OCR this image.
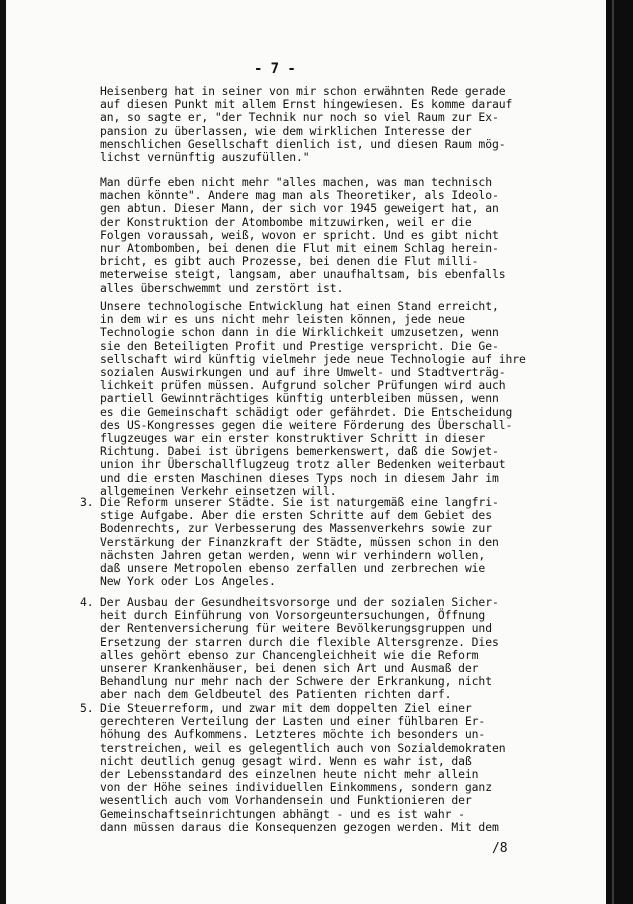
- 7 -

Heisenberg hat in seiner von mir schon erwähnten Rede gerade
auf diesen Punkt mit allem Ernst hingewiesen. Es komme darauf
an, so sagte er, "der Technik nur noch so viel Raum zur Ex-
pansion zu überlassen, wie dem wirklichen Interesse der
menschlichen Gesellschaft dienlich ist, und diesen Raum mög-
lichst vernünftig auszufüllen."

Man dürfe eben nicht mehr "alles machen, was man technisch
machen könnte". Andere mag man als Theoretiker, als Ideolo-
gen abtun. Dieser Mann, der sich vor 1945 geweigert hat, an
der Konstruktion der Atombombe mitzuwirken, weil er die
Folgen voraussah, weiß, wovon er spricht. Und es gibt nicht
nur Atombomben, bei denen die Flut mit einem Schlag herein-
bricht, es gibt auch Prozesse, bei denen die Flut milli-
meterweise steigt, langsam, aber unaufhaltsam, bis ebenfalls
alles überschwemmt und zerstört ist.

Unsere technologische Entwicklung hat einen Stand erreicht,
in dem wir es uns nicht mehr leisten können, jede neue
Technologie schon dann in die Wirklichkeit umzusetzen, wenn
sie den Beteiligten Profit und Prestige verspricht. Die Ge-
sellschaft wird künftig vielmehr jede neue Technologie auf ihre
sozialen Auswirkungen und auf ihre Umwelt- und Stadtverträg-
lichkeit prüfen müssen. Aufgrund solcher Prüfungen wird auch
partiell Gewinnträchtiges künftig unterbleiben müssen, wenn
es die Gemeinschaft schädigt oder gefährdet. Die Entscheidung
des US-Kongresses gegen die weitere Förderung des Überschall-
flugzeuges war ein erster konstruktiver Schritt in dieser
Richtung. Dabei ist übrigens bemerkenswert, daß die Sowjet-
union ihr Überschallflugzeug trotz aller Bedenken weiterbaut
und die ersten Maschinen dieses Typs noch in diesem Jahr im
allgemeinen Verkehr einsetzen will.

3. Die Reform unserer Städte. Sie ist naturgemäß eine langfri-
stige Aufgabe. Aber die ersten Schritte auf dem Gebiet des
Bodenrechts, zur Verbesserung des Massenverkehrs sowie zur
Verstärkung der Finanzkraft der Städte, müssen schon in den
nächsten Jahren getan werden, wenn wir verhindern wollen,
daß unsere Metropolen ebenso zerfallen und zerbrechen wie
New York oder Los Angeles.

4. Der Ausbau der Gesundheitsvorsorge und der sozialen Sicher-
heit durch Einführung von Vorsorgeuntersuchungen, Öffnung
der Rentenversicherung für weitere Bevölkerungsgruppen und
Ersetzung der starren durch die flexible Altersgrenze. Dies
alles gehört ebenso zur Chancengleichheit wie die Reform
unserer Krankenhäuser, bei denen sich Art und Ausmaß der
Behandlung nur mehr nach der Schwere der Erkrankung, nicht
aber nach dem Geldbeutel des Patienten richten darf.

5. Die Steuerreform, und zwar mit dem doppelten Ziel einer
gerechteren Verteilung der Lasten und einer fühlbaren Er-
höhung des Aufkommens. Letzteres möchte ich besonders un-
terstreichen, weil es gelegentlich auch von Sozialdemokraten
nicht deutlich genug gesagt wird. Wenn es wahr ist, daß
der Lebensstandard des einzelnen heute nicht mehr allein
von der Höhe seines individuellen Einkommens, sondern ganz
wesentlich auch vom Vorhandensein und Funktionieren der
Gemeinschaftseinrichtungen abhängt - und es ist wahr -
dann müssen daraus die Konsequenzen gezogen werden. Mit dem

/8
